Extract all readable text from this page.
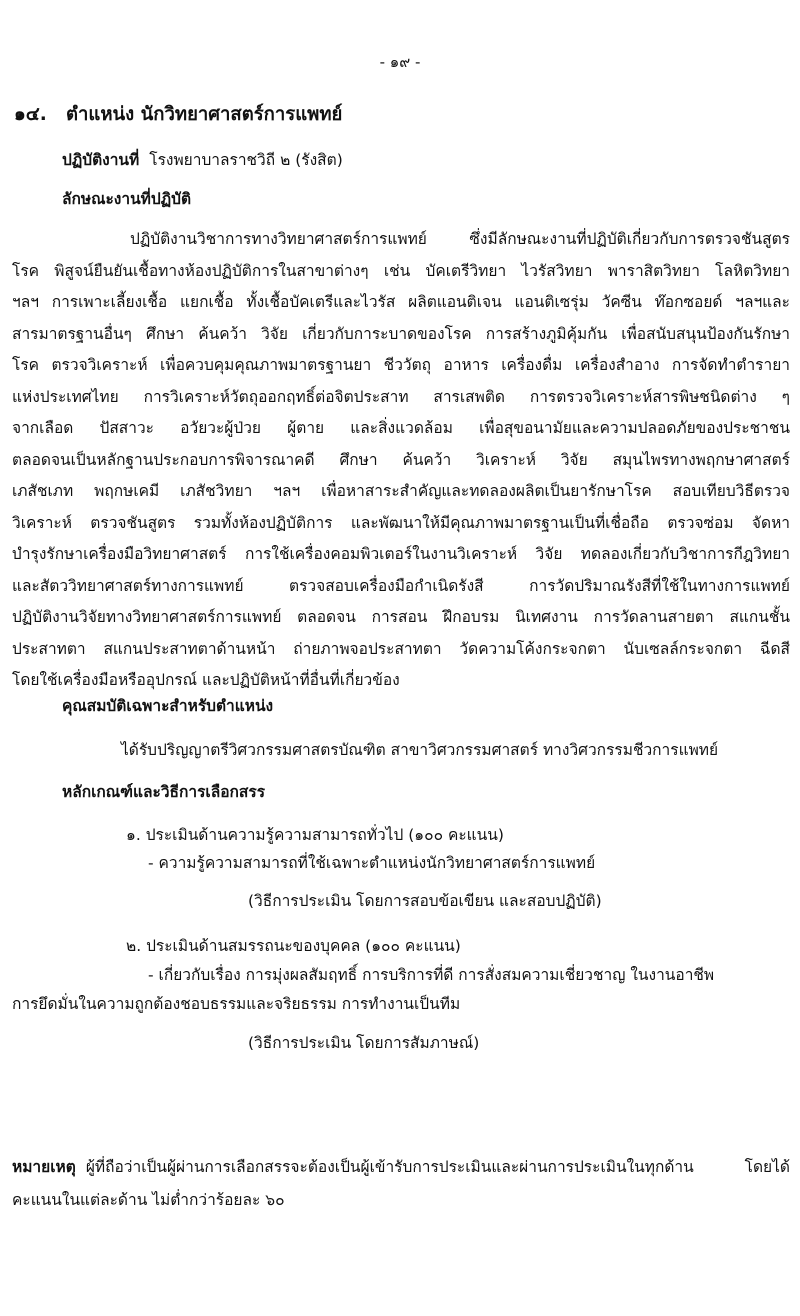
- ๑๙ -
๑๔.	ตำแหน่ง นักวิทยาศาสตร์การแพทย์
ปฏิบัติงานที่ โรงพยาบาลราชวิถี ๒ (รังสิต)
ลักษณะงานที่ปฏิบัติ
ปฏิบัติงานวิชาการทางวิทยาศาสตร์การแพทย์ ซึ่งมีลักษณะงานที่ปฏิบัติเกี่ยวกับการตรวจชันสูตร
โรค พิสูจน์ยืนยันเชื้อทางห้องปฏิบัติการในสาขาต่างๆ เช่น บัคเตรีวิทยา ไวรัสวิทยา พาราสิตวิทยา โลหิตวิทยา
ฯลฯ การเพาะเลี้ยงเชื้อ แยกเชื้อ ทั้งเชื้อบัคเตรีและไวรัส ผลิตแอนติเจน แอนติเซรุ่ม วัคซีน ท๊อกซอยด์ ฯลฯและ
สารมาตรฐานอื่นๆ ศึกษา ค้นคว้า วิจัย เกี่ยวกับการะบาดของโรค การสร้างภูมิคุ้มกัน เพื่อสนับสนุนป้องกันรักษา
โรค ตรวจวิเคราะห์ เพื่อควบคุมคุณภาพมาตรฐานยา ชีววัตถุ อาหาร เครื่องดื่ม เครื่องสำอาง การจัดทำตำรายา
แห่งประเทศไทย การวิเคราะห์วัตถุออกฤทธิ์ต่อจิตประสาท สารเสพติด การตรวจวิเคราะห์สารพิษชนิดต่าง ๆ
จากเลือด ปัสสาวะ อวัยวะผู้ป่วย ผู้ตาย และสิ่งแวดล้อม เพื่อสุขอนามัยและความปลอดภัยของประชาชน
ตลอดจนเป็นหลักฐานประกอบการพิจารณาคดี ศึกษา ค้นคว้า วิเคราะห์ วิจัย สมุนไพรทางพฤกษาศาสตร์
เภสัชเภท พฤกษเคมี เภสัชวิทยา ฯลฯ เพื่อหาสาระสำคัญและทดลองผลิตเป็นยารักษาโรค สอบเทียบวิธีตรวจ
วิเคราะห์ ตรวจชันสูตร รวมทั้งห้องปฏิบัติการ และพัฒนาให้มีคุณภาพมาตรฐานเป็นที่เชื่อถือ ตรวจซ่อม จัดหา
บำรุงรักษาเครื่องมือวิทยาศาสตร์ การใช้เครื่องคอมพิวเตอร์ในงานวิเคราะห์ วิจัย ทดลองเกี่ยวกับวิชาการกีฎวิทยา
และสัตววิทยาศาสตร์ทางการแพทย์ ตรวจสอบเครื่องมือกำเนิดรังสี การวัดปริมาณรังสีที่ใช้ในทางการแพทย์
ปฏิบัติงานวิจัยทางวิทยาศาสตร์การแพทย์ ตลอดจน การสอน ฝึกอบรม นิเทศงาน การวัดลานสายตา สแกนชั้น
ประสาทตา สแกนประสาทตาด้านหน้า ถ่ายภาพจอประสาทตา วัดความโค้งกระจกตา นับเซลล์กระจกตา ฉีดสี
โดยใช้เครื่องมือหรืออุปกรณ์ และปฏิบัติหน้าที่อื่นที่เกี่ยวข้อง
คุณสมบัติเฉพาะสำหรับตำแหน่ง
ได้รับปริญญาตรีวิศวกรรมศาสตรบัณฑิต สาขาวิศวกรรมศาสตร์ ทางวิศวกรรมชีวการแพทย์
หลักเกณฑ์และวิธีการเลือกสรร
๑. ประเมินด้านความรู้ความสามารถทั่วไป (๑๐๐ คะแนน)
- ความรู้ความสามารถที่ใช้เฉพาะตำแหน่งนักวิทยาศาสตร์การแพทย์
(วิธีการประเมิน โดยการสอบข้อเขียน และสอบปฏิบัติ)
๒. ประเมินด้านสมรรถนะของบุคคล (๑๐๐ คะแนน)
- เกี่ยวกับเรื่อง การมุ่งผลสัมฤทธิ์ การบริการที่ดี การสั่งสมความเชี่ยวชาญ ในงานอาชีพ
การยึดมั่นในความถูกต้องชอบธรรมและจริยธรรม การทำงานเป็นทีม
(วิธีการประเมิน โดยการสัมภาษณ์)
หมายเหตุ ผู้ที่ถือว่าเป็นผู้ผ่านการเลือกสรรจะต้องเป็นผู้เข้ารับการประเมินและผ่านการประเมินในทุกด้าน โดยได้
คะแนนในแต่ละด้าน ไม่ต่ำกว่าร้อยละ ๖๐
